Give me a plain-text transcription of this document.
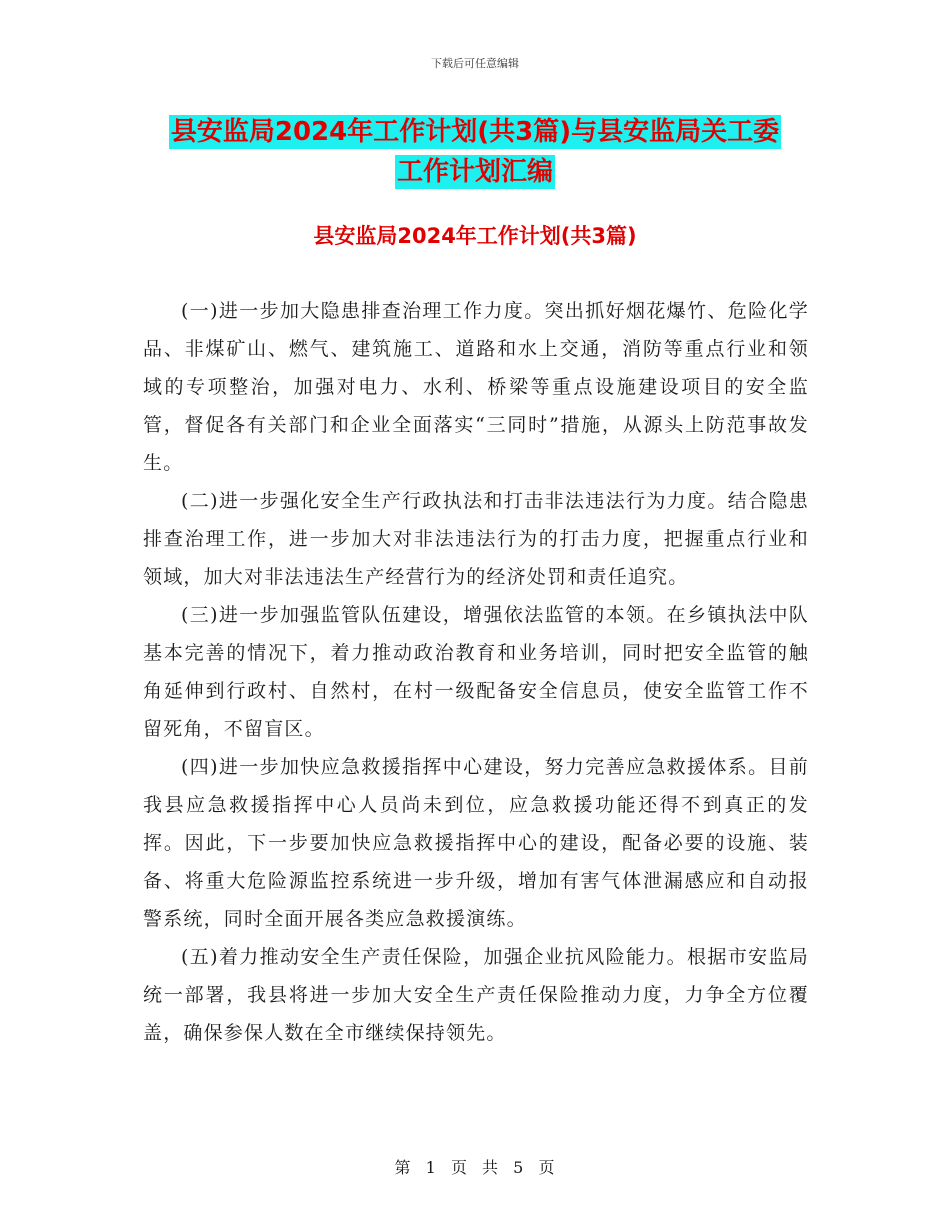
下载后可任意编辑
县安监局2024年工作计划(共3篇)与县安监局关工委
工作计划汇编
县安监局2024年工作计划(共3篇)

(一)进一步加大隐患排查治理工作力度。突出抓好烟花爆竹、危险化学品、非煤矿山、燃气、建筑施工、道路和水上交通，消防等重点行业和领域的专项整治，加强对电力、水利、桥梁等重点设施建设项目的安全监管，督促各有关部门和企业全面落实“三同时”措施，从源头上防范事故发生。

(二)进一步强化安全生产行政执法和打击非法违法行为力度。结合隐患排查治理工作，进一步加大对非法违法行为的打击力度，把握重点行业和领域，加大对非法违法生产经营行为的经济处罚和责任追究。

(三)进一步加强监管队伍建设，增强依法监管的本领。在乡镇执法中队基本完善的情况下，着力推动政治教育和业务培训，同时把安全监管的触角延伸到行政村、自然村，在村一级配备安全信息员，使安全监管工作不留死角，不留盲区。

(四)进一步加快应急救援指挥中心建设，努力完善应急救援体系。目前我县应急救援指挥中心人员尚未到位，应急救援功能还得不到真正的发挥。因此，下一步要加快应急救援指挥中心的建设，配备必要的设施、装备、将重大危险源监控系统进一步升级，增加有害气体泄漏感应和自动报警系统，同时全面开展各类应急救援演练。

(五)着力推动安全生产责任保险，加强企业抗风险能力。根据市安监局统一部署，我县将进一步加大安全生产责任保险推动力度，力争全方位覆盖，确保参保人数在全市继续保持领先。

第 1 页 共 5 页
